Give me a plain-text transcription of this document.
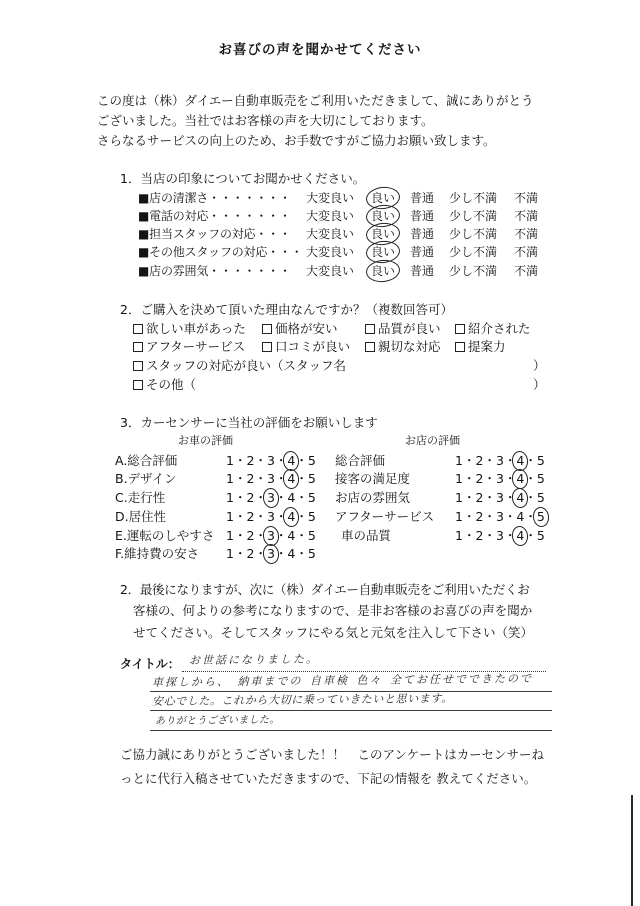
お喜びの声を聞かせてください
この度は（株）ダイエー自動車販売をご利用いただきまして、誠にありがとう
ございました。当社ではお客様の声を大切にしております。
さらなるサービスの向上のため、お手数ですがご協力お願い致します。
1．当店の印象についてお聞かせください。
■店の清潔さ・・・・・・・ 大変良い 良い 普通 少し不満 不満
■電話の対応・・・・・・・ 大変良い 良い 普通 少し不満 不満
■担当スタッフの対応・・・ 大変良い 良い 普通 少し不満 不満
■その他スタッフの対応・・・ 大変良い 良い 普通 少し不満 不満
■店の雰囲気・・・・・・・ 大変良い 良い 普通 少し不満 不満
2．ご購入を決めて頂いた理由なんですか？（複数回答可）
欲しい車があった	価格が安い	品質が良い	紹介された
アフターサービス	口コミが良い	親切な対応	提案力
スタッフの対応が良い（スタッフ名	）
その他（	）
3．カーセンサーに当社の評価をお願いします
お車の評価	お店の評価
A.総合評価	1・2・3・4・5
B.デザイン	1・2・3・4・5
C.走行性	1・2・3・4・5
D.居住性	1・2・3・4・5
E.運転のしやすさ 1・2・3・4・5
F.維持費の安さ 1・2・3・4・5
総合評価	1・2・3・4・5
接客の満足度	1・2・3・4・5
お店の雰囲気	1・2・3・4・5
アフターサービス 1・2・3・4・5
車の品質	1・2・3・4・5
2．最後になりますが、次に（株）ダイエー自動車販売をご利用いただくお
客様の、何よりの参考になりますので、是非お客様のお喜びの声を聞か
せてください。そしてスタッフにやる気と元気を注入して下さい（笑）
タイトル： お世話になりました。
車探しから、 納車までの 自車検 色々 全てお任せでできたので
安心でした。これから大切に乗っていきたいと思います。
ありがとうございました。
ご協力誠にありがとうございました！！　このアンケートはカーセンサーね
っとに代行入稿させていただきますので、下記の情報を 教えてください。
